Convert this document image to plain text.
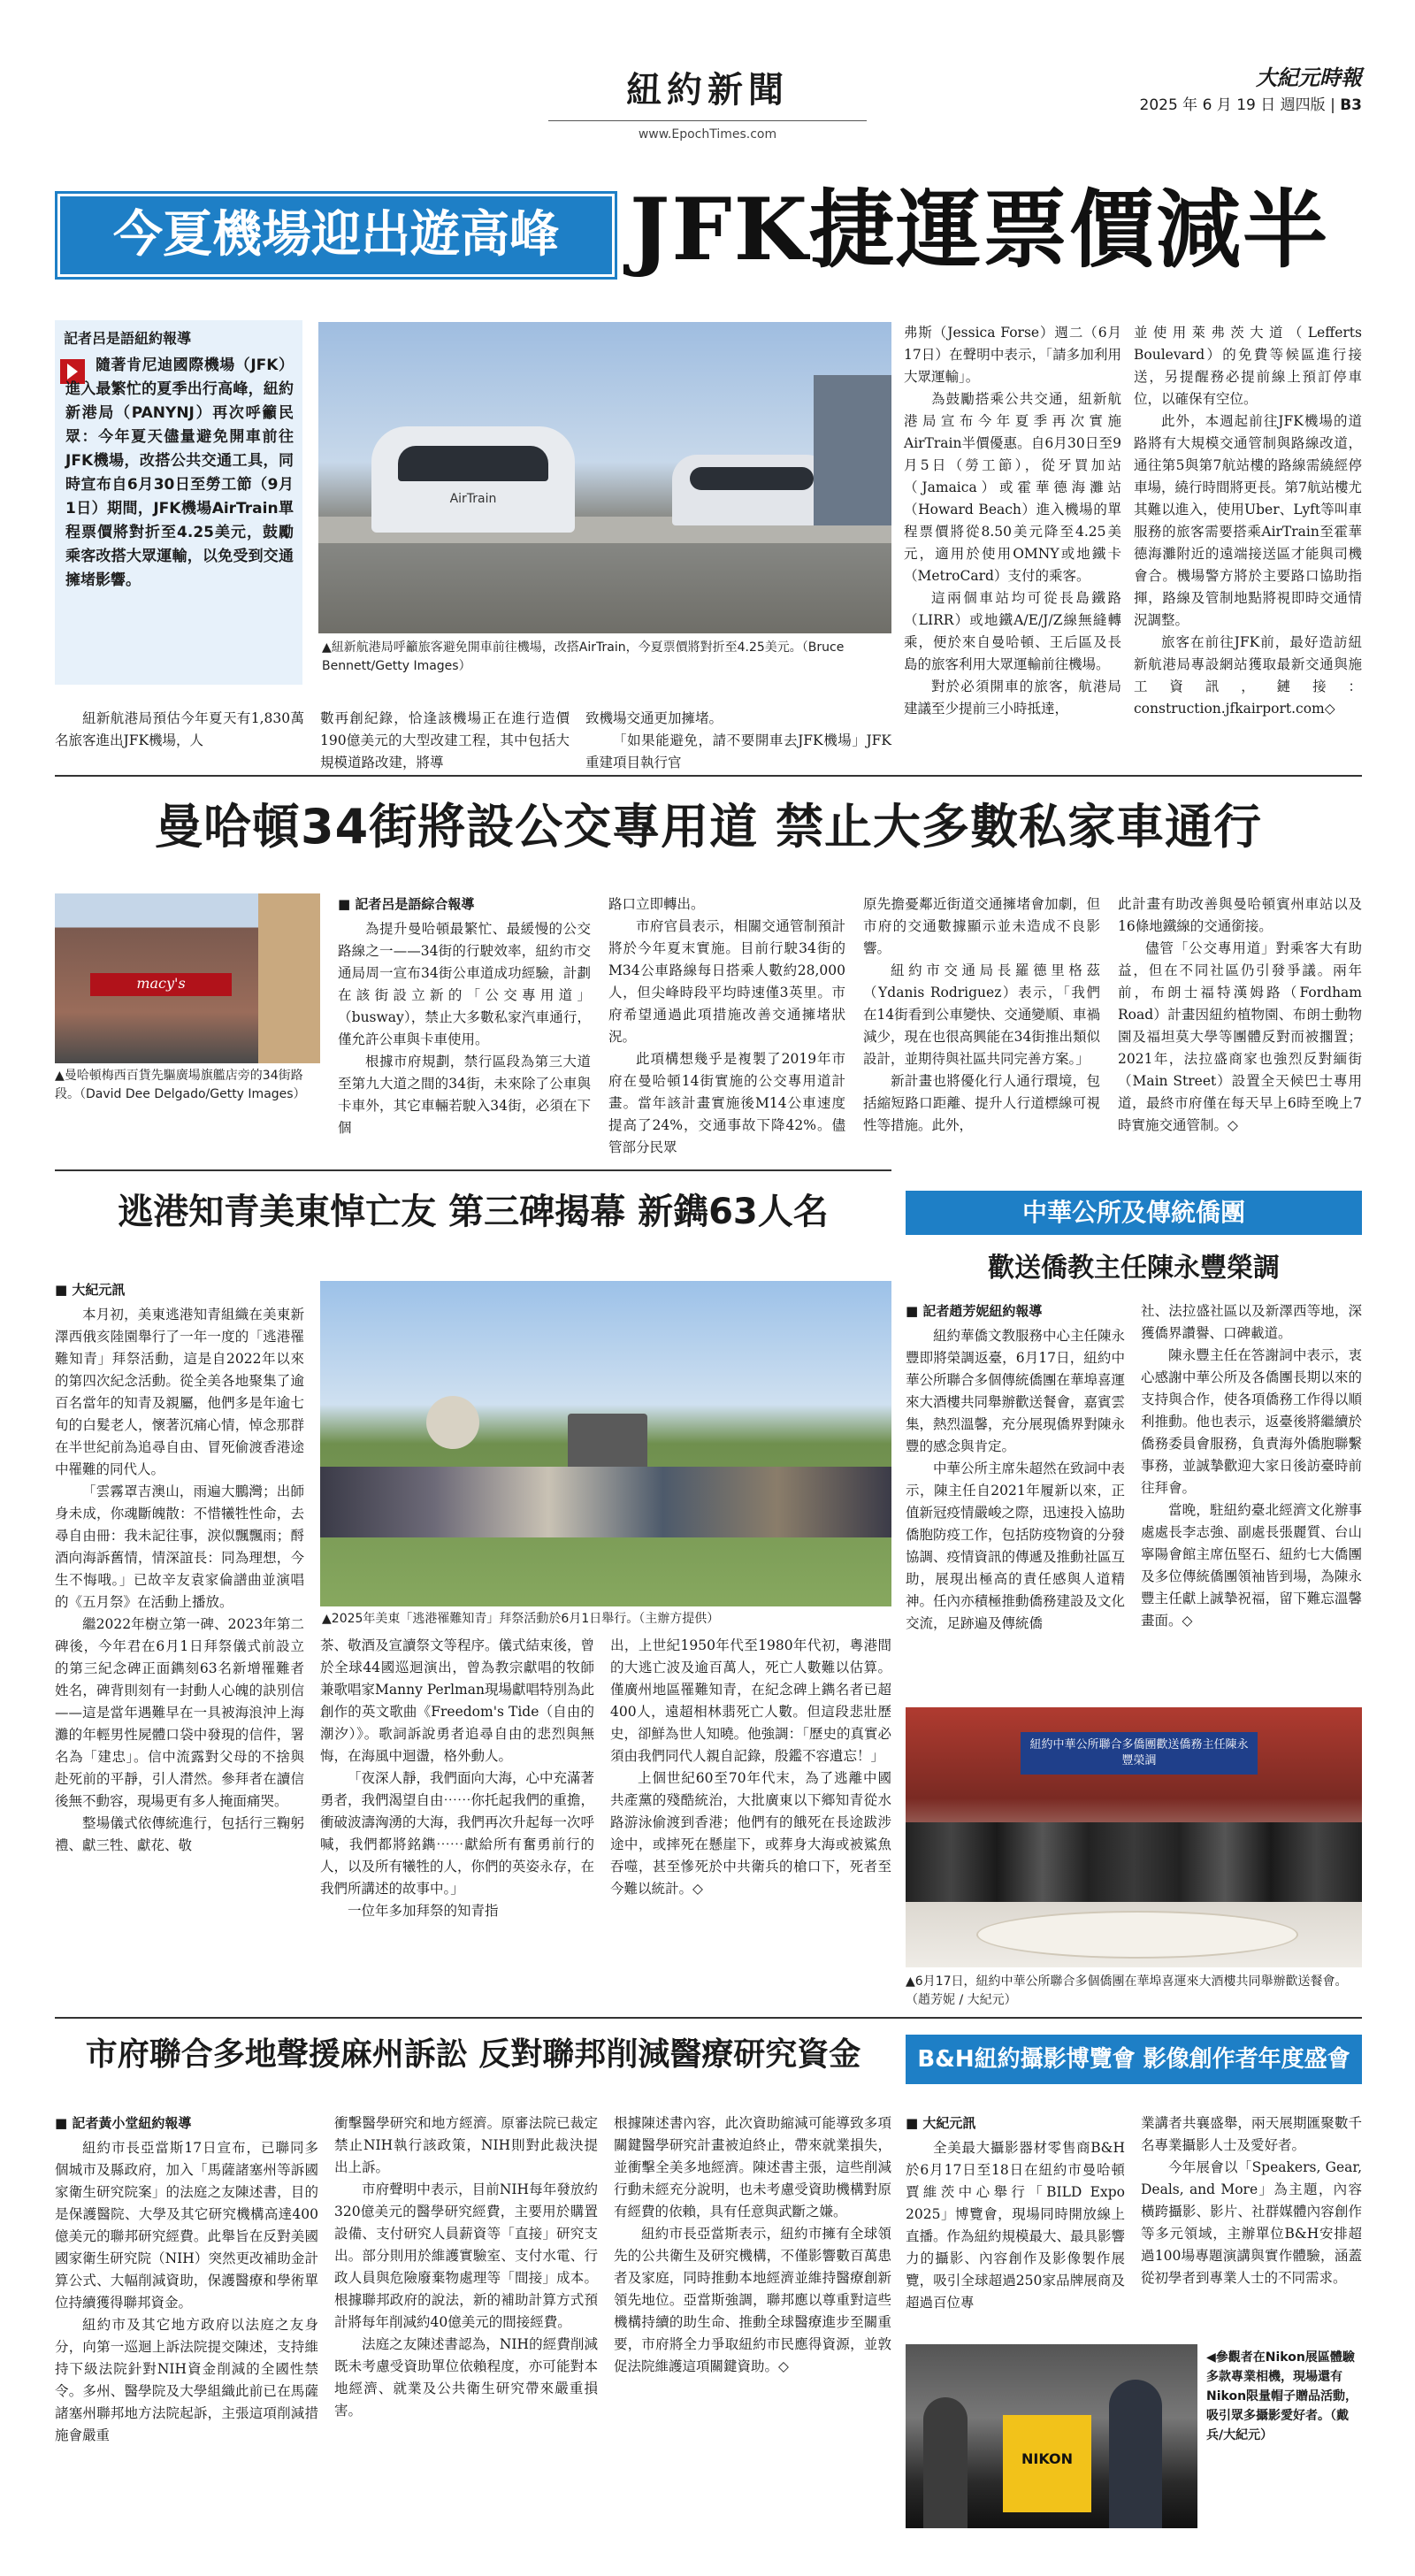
紐約新聞
www.EpochTimes.com
大紀元時報
2025 年 6 月 19 日 週四版 | B3
今夏機場迎出遊高峰 JFK捷運票價減半
記者呂是語紐約報導
隨著肯尼迪國際機場（JFK）進入最繁忙的夏季出行高峰，紐約新港局（PANYNJ）再次呼籲民眾：今年夏天儘量避免開車前往JFK機場，改搭公共交通工具，同時宣布自6月30日至勞工節（9月1日）期間，JFK機場AirTrain單程票價將對折至4.25美元，鼓勵乘客改搭大眾運輸，以免受到交通擁堵影響。
AirTrain
▲ 紐新航港局呼籲旅客避免開車前往機場，改搭AirTrain，今夏票價將對折至4.25美元。（Bruce Bennett/Getty Images）

紐新航港局預估今年夏天有1,830萬名旅客進出JFK機場，人

數再創紀錄，恰逢該機場正在進行造價190億美元的大型改建工程，其中包括大規模道路改建，將導

致機場交通更加擁堵。

「如果能避免，請不要開車去JFK機場」JFK重建項目執行官

弗斯（Jessica Forse）週二（6月17日）在聲明中表示，「請多加利用大眾運輸」。

為鼓勵搭乘公共交通，紐新航港局宣布今年夏季再次實施AirTrain半價優惠。自6月30日至9月5日（勞工節），從牙買加站（Jamaica）或霍華德海灘站（Howard Beach）進入機場的單程票價將從8.50美元降至4.25美元，適用於使用OMNY或地鐵卡（MetroCard）支付的乘客。

這兩個車站均可從長島鐵路（LIRR）或地鐵A/E/J/Z線無縫轉乘，便於來自曼哈頓、王后區及長島的旅客利用大眾運輸前往機場。

對於必須開車的旅客，航港局建議至少提前三小時抵達，

並使用萊弗茨大道（Lefferts Boulevard）的免費等候區進行接送，另提醒務必提前線上預訂停車位，以確保有空位。

此外，本週起前往JFK機場的道路將有大規模交通管制與路線改道，通往第5與第7航站樓的路線需繞經停車場，繞行時間將更長。第7航站樓尤其難以進入，使用Uber、Lyft等叫車服務的旅客需要搭乘AirTrain至霍華德海灘附近的遠端接送區才能與司機會合。機場警方將於主要路口協助指揮，路線及管制地點將視即時交通情況調整。

旅客在前往JFK前，最好造訪紐新航港局專設網站獲取最新交通與施工資訊，鏈接：construction.jfkairport.com◇

曼哈頓34街將設公交專用道 禁止大多數私家車通行
macy's
▲ 曼哈頓梅西百貨先驅廣場旗艦店旁的34街路段。（David Dee Delgado/Getty Images）
■ 記者呂是語綜合報導

為提升曼哈頓最繁忙、最緩慢的公交路線之一——34街的行駛效率，紐約市交通局周一宣布34街公車道成功經驗，計劃在該街設立新的「公交專用道」（busway），禁止大多數私家汽車通行，僅允許公車與卡車使用。

根據市府規劃，禁行區段為第三大道至第九大道之間的34街，未來除了公車與卡車外，其它車輛若駛入34街，必須在下個

路口立即轉出。

市府官員表示，相關交通管制預計將於今年夏末實施。目前行駛34街的M34公車路線每日搭乘人數約28,000人，但尖峰時段平均時速僅3英里。市府希望通過此項措施改善交通擁堵狀況。

此項構想幾乎是複製了2019年市府在曼哈頓14街實施的公交專用道計畫。當年該計畫實施後M14公車速度提高了24%，交通事故下降42%。儘管部分民眾

原先擔憂鄰近街道交通擁堵會加劇，但市府的交通數據顯示並未造成不良影響。

紐約市交通局長羅德里格茲（Ydanis Rodriguez）表示，「我們在14街看到公車變快、交通變順、車禍減少，現在也很高興能在34街推出類似設計，並期待與社區共同完善方案。」

新計畫也將優化行人通行環境，包括縮短路口距離、提升人行道標線可視性等措施。此外，

此計畫有助改善與曼哈頓賓州車站以及16條地鐵線的交通銜接。

儘管「公交專用道」對乘客大有助益，但在不同社區仍引發爭議。兩年前，布朗士福特漢姆路（Fordham Road）計畫因紐約植物園、布朗士動物園及福坦莫大學等團體反對而被擱置；2021年，法拉盛商家也強烈反對緬街（Main Street）設置全天候巴士專用道，最終市府僅在每天早上6時至晚上7時實施交通管制。◇

逃港知青美東悼亡友 第三碑揭幕 新鐫63人名
■ 大紀元訊

本月初，美東逃港知青組織在美東新澤西俄亥陸園舉行了一年一度的「逃港罹難知青」拜祭活動，這是自2022年以來的第四次紀念活動。從全美各地聚集了逾百名當年的知青及親屬，他們多是年逾七旬的白髮老人，懷著沉痛心情，悼念那群在半世紀前為追尋自由、冒死偷渡香港途中罹難的同代人。

「雲霧罩吉澳山，雨遍大鵬灣；出師身未成，你魂斷魄散：不惜犧牲性命，去尋自由冊：我未記往事，淚似飄飄雨；酹酒向海訴舊情，情深誼長：同為理想，今生不悔哦。」已故辛友袁家倫譜曲並演唱的《五月祭》在活動上播放。

繼2022年樹立第一碑、2023年第二碑後，今年君在6月1日拜祭儀式前設立的第三紀念碑正面鐫刻63名新增罹難者姓名，碑背則刻有一封動人心魄的訣別信——這是當年遇難早在一具被海浪沖上海灘的年輕男性屍體口袋中發現的信件，署名為「建忠」。信中流露對父母的不捨與赴死前的平靜，引人潸然。參拜者在讀信後無不動容，現場更有多人掩面痛哭。

整場儀式依傳統進行，包括行三鞠躬禮、獻三牲、獻花、敬

▲ 2025年美東「逃港罹難知青」拜祭活動於6月1日舉行。（主辦方提供）

茶、敬酒及宣讀祭文等程序。儀式結束後，曾於全球44國巡迴演出，曾為教宗獻唱的牧師兼歌唱家Manny Perlman現場獻唱特別為此創作的英文歌曲《Freedom's Tide（自由的潮汐）》。歌詞訴說勇者追尋自由的悲烈與無悔，在海風中迴盪，格外動人。

「夜深人靜，我們面向大海，心中充滿著勇者，我們渴望自由⋯⋯你托起我們的重擔，衝破波濤洶湧的大海，我們再次升起每一次呼喊，我們都將銘鐫⋯⋯獻給所有奮勇前行的人，以及所有犧牲的人，你們的英姿永存，在我們所講述的故事中。」

一位年多加拜祭的知青指

出，上世紀1950年代至1980年代初，粵港間的大逃亡波及逾百萬人，死亡人數難以估算。僅廣州地區罹難知青，在紀念碑上鐫名者已超400人，遠超相林翡死亡人數。但這段悲壯歷史，卻鮮為世人知曉。他強調：「歷史的真實必須由我們同代人親自記錄，殷鑑不容遺忘！」

上個世紀60至70年代末，為了逃離中國共產黨的殘酷統治，大批廣東以下鄉知青從水路游泳偷渡到香港；他們有的餓死在長途跋涉途中，或摔死在懸崖下，或葬身大海或被鯊魚吞噬，甚至慘死於中共衛兵的槍口下，死者至今難以統計。◇

中華公所及傳統僑團
歡送僑教主任陳永豐榮調
■ 記者趙芳妮紐約報導

紐約華僑文教服務中心主任陳永豐即將榮調返臺，6月17日，紐約中華公所聯合多個傳統僑團在華埠喜運來大酒樓共同舉辦歡送餐會，嘉賓雲集，熱烈溫馨，充分展現僑界對陳永豐的感念與肯定。

中華公所主席朱超然在致詞中表示，陳主任自2021年履新以來，正值新冠疫情嚴峻之際，迅速投入協助僑胞防疫工作，包括防疫物資的分發協調、疫情資訊的傳遞及推動社區互助，展現出極高的責任感與人道精神。任內亦積極推動僑務建設及文化交流，足跡遍及傳統僑

社、法拉盛社區以及新澤西等地，深獲僑界讚譽、口碑載道。

陳永豐主任在答謝詞中表示，衷心感謝中華公所及各僑團長期以來的支持與合作，使各項僑務工作得以順利推動。他也表示，返臺後將繼續於僑務委員會服務，負責海外僑胞聯繫事務，並誠摯歡迎大家日後訪臺時前往拜會。

當晚，駐紐約臺北經濟文化辦事處處長李志強、副處長張麗質、台山寧陽會館主席伍堅石、紐約七大僑團及多位傳統僑團領袖皆到場，為陳永豐主任獻上誠摯祝福，留下難忘溫馨畫面。◇

紐約中華公所聯合多僑團歡送僑務主任陳永豐榮調
▲ 6月17日，紐約中華公所聯合多個僑團在華埠喜運來大酒樓共同舉辦歡送餐會。（趙芳妮 / 大紀元）
市府聯合多地聲援麻州訴訟 反對聯邦削減醫療研究資金
■ 記者黃小堂紐約報導

紐約市長亞當斯17日宣布，已聯同多個城市及縣政府，加入「馬薩諸塞州等訴國家衛生研究院案」的法庭之友陳述書，目的是保護醫院、大學及其它研究機構高達400億美元的聯邦研究經費。此舉旨在反對美國國家衛生研究院（NIH）突然更改補助金計算公式、大幅削減資助，保護醫療和學術單位持續獲得聯邦資金。

紐約市及其它地方政府以法庭之友身分，向第一巡迴上訴法院提交陳述，支持維持下級法院針對NIH資金削減的全國性禁令。多州、醫學院及大學組織此前已在馬薩諸塞州聯邦地方法院起訴，主張這項削減措施會嚴重

衝擊醫學研究和地方經濟。原審法院已裁定禁止NIH執行該政策，NIH則對此裁決提出上訴。

市府聲明中表示，目前NIH每年發放約320億美元的醫學研究經費，主要用於購置設備、支付研究人員薪資等「直接」研究支出。部分則用於維護實驗室、支付水電、行政人員與危險廢棄物處理等「間接」成本。根據聯邦政府的說法，新的補助計算方式預計將每年削減約40億美元的間接經費。

法庭之友陳述書認為，NIH的經費削減既未考慮受資助單位依賴程度，亦可能對本地經濟、就業及公共衛生研究帶來嚴重損害。

根據陳述書內容，此次資助縮減可能導致多項關鍵醫學研究計畫被迫終止，帶來就業損失，並衝擊全美多地經濟。陳述書主張，這些削減行動未經充分說明，也未考慮受資助機構對原有經費的依賴，具有任意與武斷之嫌。

紐約市長亞當斯表示，紐約市擁有全球領先的公共衛生及研究機構，不僅影響數百萬患者及家庭，同時推動本地經濟並維持醫療創新領先地位。亞當斯強調，聯邦應以尊重對這些機構持續的助生命、推動全球醫療進步至關重要，市府將全力爭取紐約市民應得資源，並敦促法院維護這項關鍵資助。◇

B&H紐約攝影博覽會 影像創作者年度盛會
■ 大紀元訊

全美最大攝影器材零售商B&H於6月17日至18日在紐約市曼哈頓賈維茨中心舉行「BILD Expo 2025」博覽會，現場同時開放線上直播。作為紐約規模最大、最具影響力的攝影、內容創作及影像製作展覽，吸引全球超過250家品牌展商及超過百位專

業講者共襄盛舉，兩天展期匯聚數千名專業攝影人士及愛好者。

今年展會以「Speakers, Gear, Deals, and More」為主題，內容橫跨攝影、影片、社群媒體內容創作等多元領域，主辦單位B&H安排超過100場專題演講與實作體驗，涵蓋從初學者到專業人士的不同需求。

NIKON
◀參觀者在Nikon展區體驗多款專業相機，現場還有Nikon限量帽子贈品活動，吸引眾多攝影愛好者。（戴兵/大紀元）
